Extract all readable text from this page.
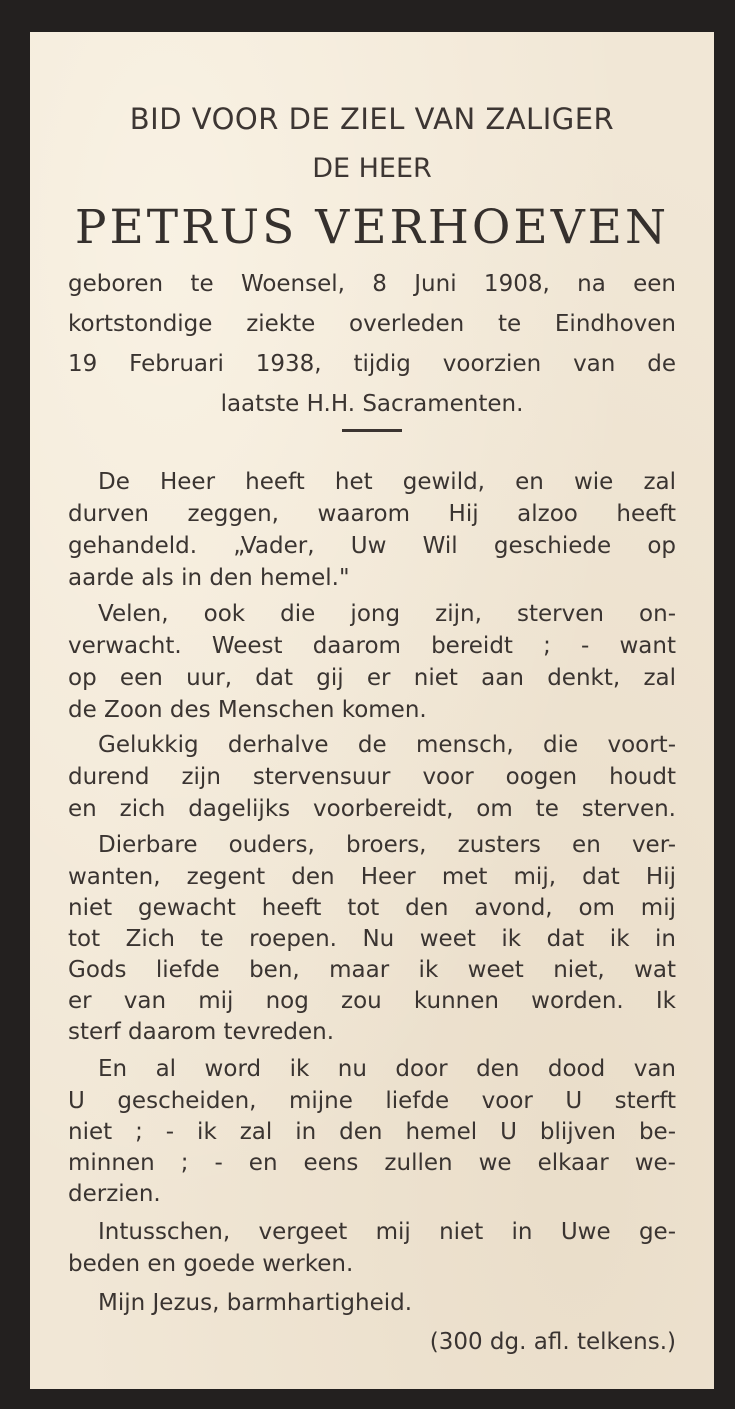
BID VOOR DE ZIEL VAN ZALIGER
DE HEER
PETRUS VERHOEVEN
geboren te Woensel, 8 Juni 1908, na een
kortstondige ziekte overleden te Eindhoven
19 Februari 1938, tijdig voorzien van de
laatste H.H. Sacramenten.
De Heer heeft het gewild, en wie zal
durven zeggen, waarom Hij alzoo heeft
gehandeld. „Vader, Uw Wil geschiede op
aarde als in den hemel."
Velen, ook die jong zijn, sterven on-
verwacht. Weest daarom bereidt ; - want
op een uur, dat gij er niet aan denkt, zal
de Zoon des Menschen komen.
Gelukkig derhalve de mensch, die voort-
durend zijn stervensuur voor oogen houdt
en zich dagelijks voorbereidt, om te sterven.
Dierbare ouders, broers, zusters en ver-
wanten, zegent den Heer met mij, dat Hij
niet gewacht heeft tot den avond, om mij
tot Zich te roepen. Nu weet ik dat ik in
Gods liefde ben, maar ik weet niet, wat
er van mij nog zou kunnen worden. Ik
sterf daarom tevreden.
En al word ik nu door den dood van
U gescheiden, mijne liefde voor U sterft
niet ; - ik zal in den hemel U blijven be-
minnen ; - en eens zullen we elkaar we-
derzien.
Intusschen, vergeet mij niet in Uwe ge-
beden en goede werken.
Mijn Jezus, barmhartigheid.
(300 dg. afl. telkens.)
